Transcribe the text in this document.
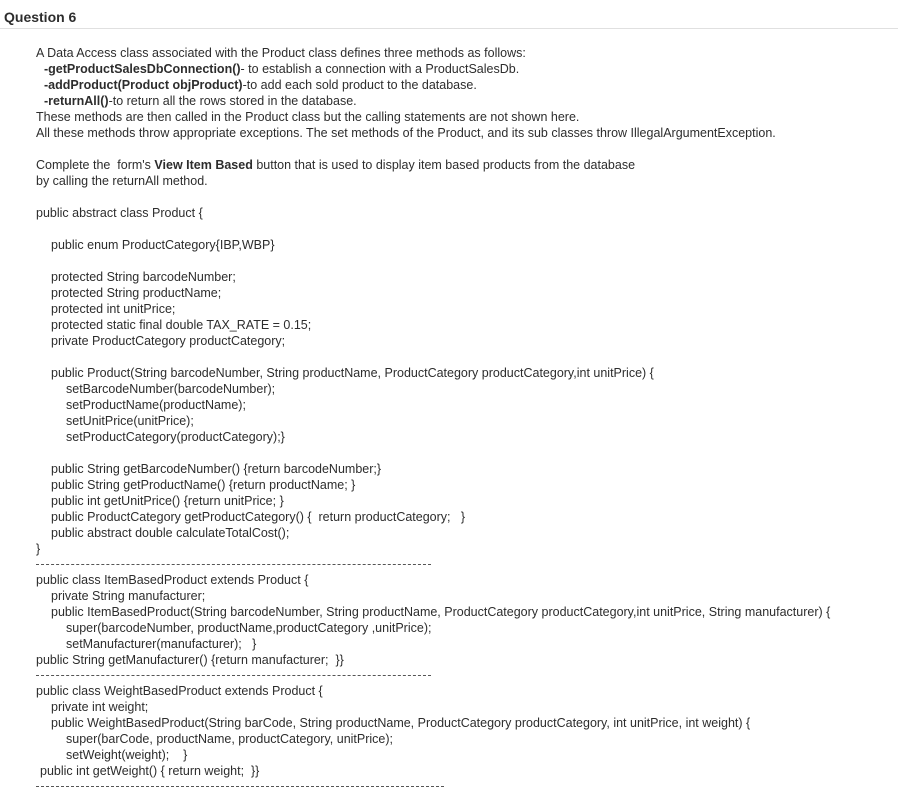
Question 6
A Data Access class associated with the Product class defines three methods as follows:
-getProductSalesDbConnection()- to establish a connection with a ProductSalesDb.
-addProduct(Product objProduct)-to add each sold product to the database.
-returnAll()-to return all the rows stored in the database.
These methods are then called in the Product class but the calling statements are not shown here.
All these methods throw appropriate exceptions. The set methods of the Product, and its sub classes throw IllegalArgumentException.
Complete the  form's View Item Based button that is used to display item based products from the database
by calling the returnAll method.
public abstract class Product {
public enum ProductCategory{IBP,WBP}
protected String barcodeNumber;
protected String productName;
protected int unitPrice;
protected static final double TAX_RATE = 0.15;
private ProductCategory productCategory;
public Product(String barcodeNumber, String productName, ProductCategory productCategory,int unitPrice) {
setBarcodeNumber(barcodeNumber);
setProductName(productName);
setUnitPrice(unitPrice);
setProductCategory(productCategory);}
public String getBarcodeNumber() {return barcodeNumber;}
public String getProductName() {return productName; }
public int getUnitPrice() {return unitPrice; }
public ProductCategory getProductCategory() {  return productCategory;   }
public abstract double calculateTotalCost();
}
public class ItemBasedProduct extends Product {
private String manufacturer;
public ItemBasedProduct(String barcodeNumber, String productName, ProductCategory productCategory,int unitPrice, String manufacturer) {
super(barcodeNumber, productName,productCategory ,unitPrice);
setManufacturer(manufacturer);   }
public String getManufacturer() {return manufacturer;  }}
public class WeightBasedProduct extends Product {
private int weight;
public WeightBasedProduct(String barCode, String productName, ProductCategory productCategory, int unitPrice, int weight) {
super(barCode, productName, productCategory, unitPrice);
setWeight(weight);    }
public int getWeight() { return weight;  }}
